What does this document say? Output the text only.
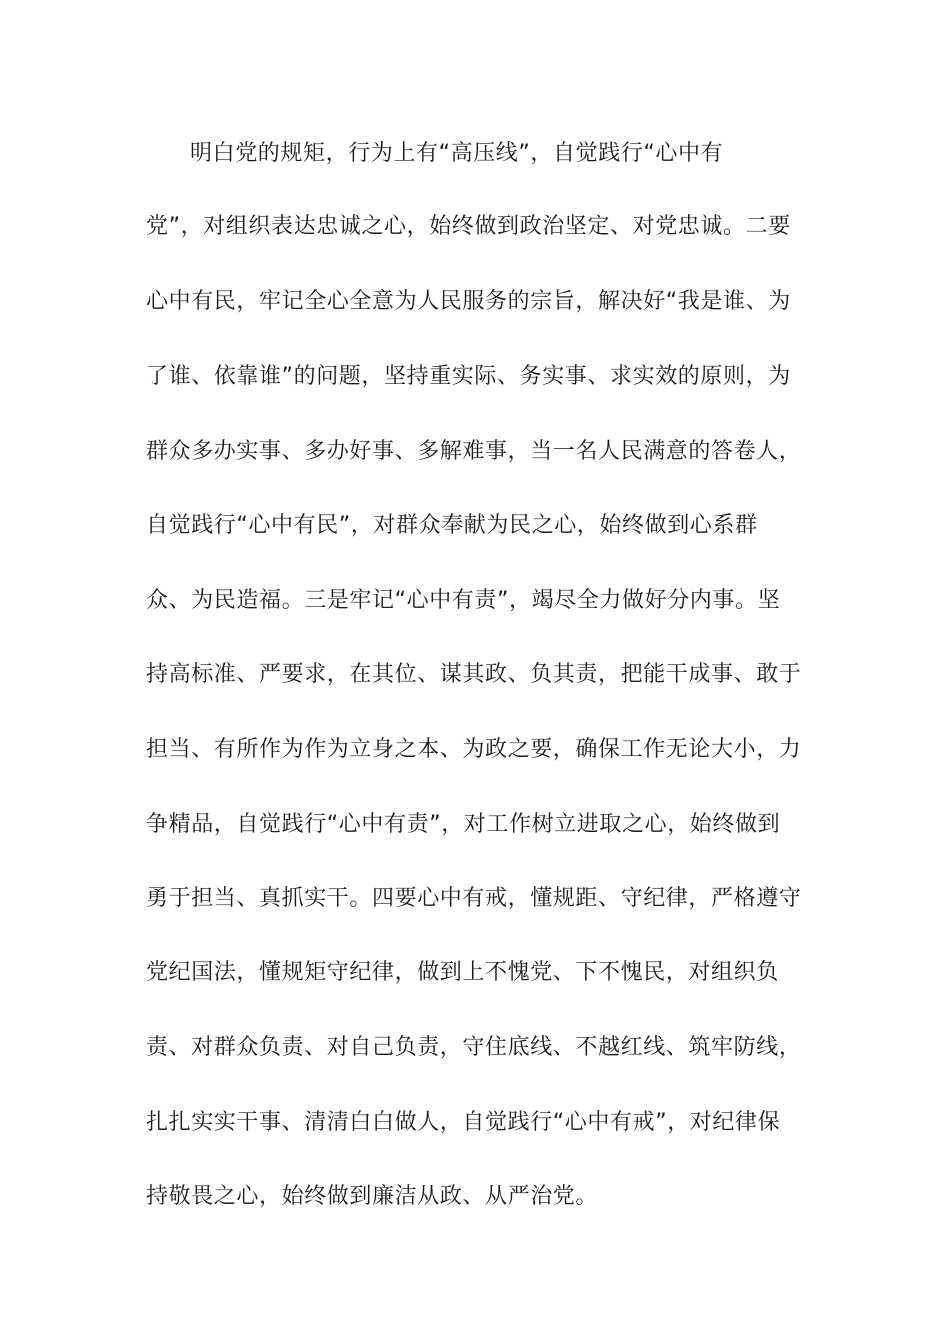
明白党的规矩，行为上有“高压线”，自觉践行“心中有
党”，对组织表达忠诚之心，始终做到政治坚定、对党忠诚。二要
心中有民，牢记全心全意为人民服务的宗旨，解决好“我是谁、为
了谁、依靠谁”的问题，坚持重实际、务实事、求实效的原则，为
群众多办实事、多办好事、多解难事，当一名人民满意的答卷人，
自觉践行“心中有民”，对群众奉献为民之心，始终做到心系群
众、为民造福。三是牢记“心中有责”，竭尽全力做好分内事。坚
持高标准、严要求，在其位、谋其政、负其责，把能干成事、敢于
担当、有所作为作为立身之本、为政之要，确保工作无论大小，力
争精品，自觉践行“心中有责”，对工作树立进取之心，始终做到
勇于担当、真抓实干。四要心中有戒，懂规距、守纪律，严格遵守
党纪国法，懂规矩守纪律，做到上不愧党、下不愧民，对组织负
责、对群众负责、对自己负责，守住底线、不越红线、筑牢防线，
扎扎实实干事、清清白白做人，自觉践行“心中有戒”，对纪律保
持敬畏之心，始终做到廉洁从政、从严治党。
